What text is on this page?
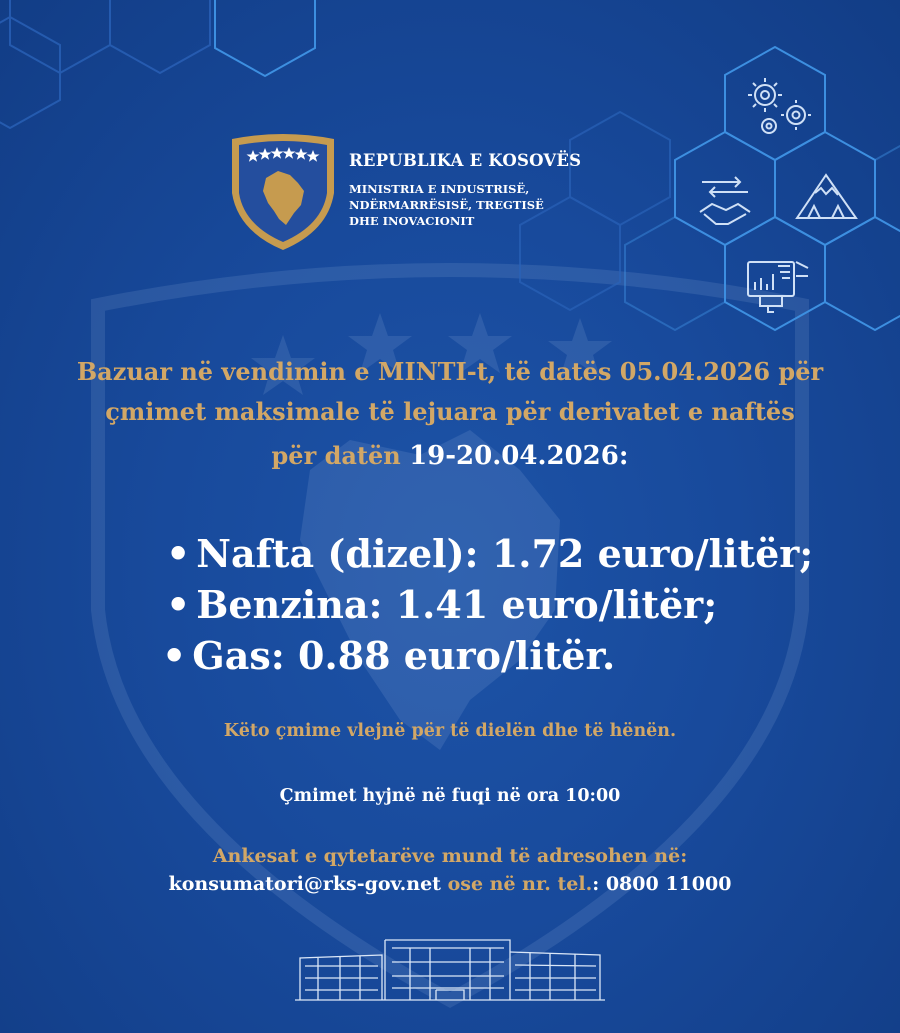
REPUBLIKA E KOSOVËS
MINISTRIA E INDUSTRISË,
NDËRMARRËSISË, TREGTISË
DHE INOVACIONIT
Bazuar në vendimin e MINTI-t, të datës 05.04.2026 për
çmimet maksimale të lejuara për derivatet e naftës
për datën 19-20.04.2026:
• Nafta (dizel): 1.72 euro/litër;
• Benzina: 1.41 euro/litër;
• Gas: 0.88 euro/litër.
Këto çmime vlejnë për të dielën dhe të hënën.
Çmimet hyjnë në fuqi në ora 10:00
Ankesat e qytetarëve mund të adresohen në:
konsumatori@rks-gov.net ose në nr. tel.: 0800 11000
